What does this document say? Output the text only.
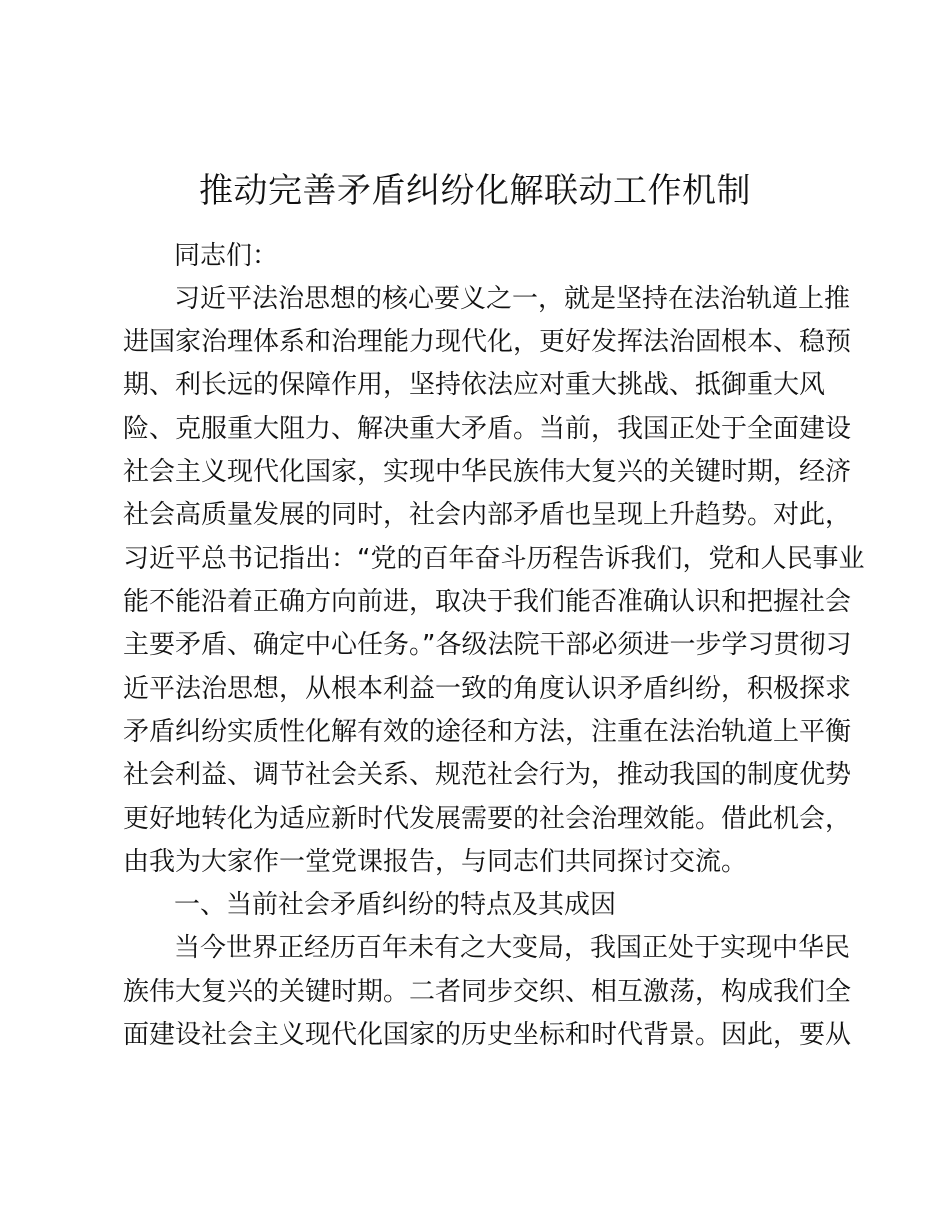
推动完善矛盾纠纷化解联动工作机制
同志们：
习近平法治思想的核心要义之一，就是坚持在法治轨道上推
进国家治理体系和治理能力现代化，更好发挥法治固根本、稳预
期、利长远的保障作用，坚持依法应对重大挑战、抵御重大风
险、克服重大阻力、解决重大矛盾。当前，我国正处于全面建设
社会主义现代化国家，实现中华民族伟大复兴的关键时期，经济
社会高质量发展的同时，社会内部矛盾也呈现上升趋势。对此，
习近平总书记指出：“党的百年奋斗历程告诉我们，党和人民事业
能不能沿着正确方向前进，取决于我们能否准确认识和把握社会
主要矛盾、确定中心任务。”各级法院干部必须进一步学习贯彻习
近平法治思想，从根本利益一致的角度认识矛盾纠纷，积极探求
矛盾纠纷实质性化解有效的途径和方法，注重在法治轨道上平衡
社会利益、调节社会关系、规范社会行为，推动我国的制度优势
更好地转化为适应新时代发展需要的社会治理效能。借此机会，
由我为大家作一堂党课报告，与同志们共同探讨交流。
一、当前社会矛盾纠纷的特点及其成因
当今世界正经历百年未有之大变局，我国正处于实现中华民
族伟大复兴的关键时期。二者同步交织、相互激荡，构成我们全
面建设社会主义现代化国家的历史坐标和时代背景。因此，要从
